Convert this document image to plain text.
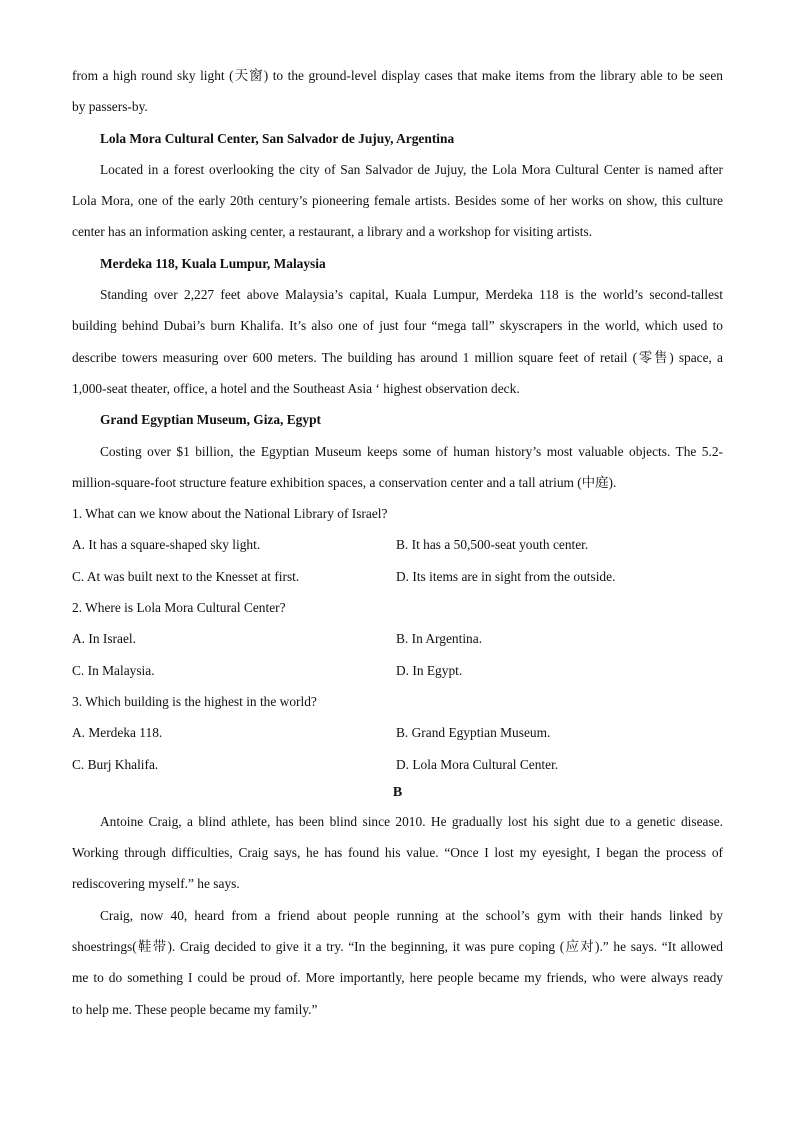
from a high round sky light (天窗) to the ground-level display cases that make items from the library able to be seen
by passers-by.
Lola Mora Cultural Center, San Salvador de Jujuy, Argentina
Located in a forest overlooking the city of San Salvador de Jujuy, the Lola Mora Cultural Center is named after
Lola Mora, one of the early 20th century’s pioneering female artists. Besides some of her works on show, this culture
center has an information asking center, a restaurant, a library and a workshop for visiting artists.
Merdeka 118, Kuala Lumpur, Malaysia
Standing over 2,227 feet above Malaysia’s capital, Kuala Lumpur, Merdeka 118 is the world’s second-tallest
building behind Dubai’s burn Khalifa. It’s also one of just four “mega tall” skyscrapers in the world, which used to
describe towers measuring over 600 meters. The building has around 1 million square feet of retail (零售) space, a
1,000-seat theater, office, a hotel and the Southeast Asia ‘ highest observation deck.
Grand Egyptian Museum, Giza, Egypt
Costing over $1 billion, the Egyptian Museum keeps some of human history’s most valuable objects. The 5.2-
million-square-foot structure feature exhibition spaces, a conservation center and a tall atrium (中庭).
1. What can we know about the National Library of Israel?
A. It has a square-shaped sky light.	B. It has a 50,500-seat youth center.
C. At was built next to the Knesset at first.	D. Its items are in sight from the outside.
2. Where is Lola Mora Cultural Center?
A. In Israel.	B. In Argentina.
C. In Malaysia.	D. In Egypt.
3. Which building is the highest in the world?
A. Merdeka 118.	B. Grand Egyptian Museum.
C. Burj Khalifa.	D. Lola Mora Cultural Center.
B
Antoine Craig, a blind athlete, has been blind since 2010. He gradually lost his sight due to a genetic disease.
Working through difficulties, Craig says, he has found his value. “Once I lost my eyesight, I began the process of
rediscovering myself.” he says.
Craig, now 40, heard from a friend about people running at the school’s gym with their hands linked by
shoestrings(鞋带). Craig decided to give it a try. “In the beginning, it was pure coping (应对).” he says. “It allowed
me to do something I could be proud of. More importantly, here people became my friends, who were always ready
to help me. These people became my family.”
